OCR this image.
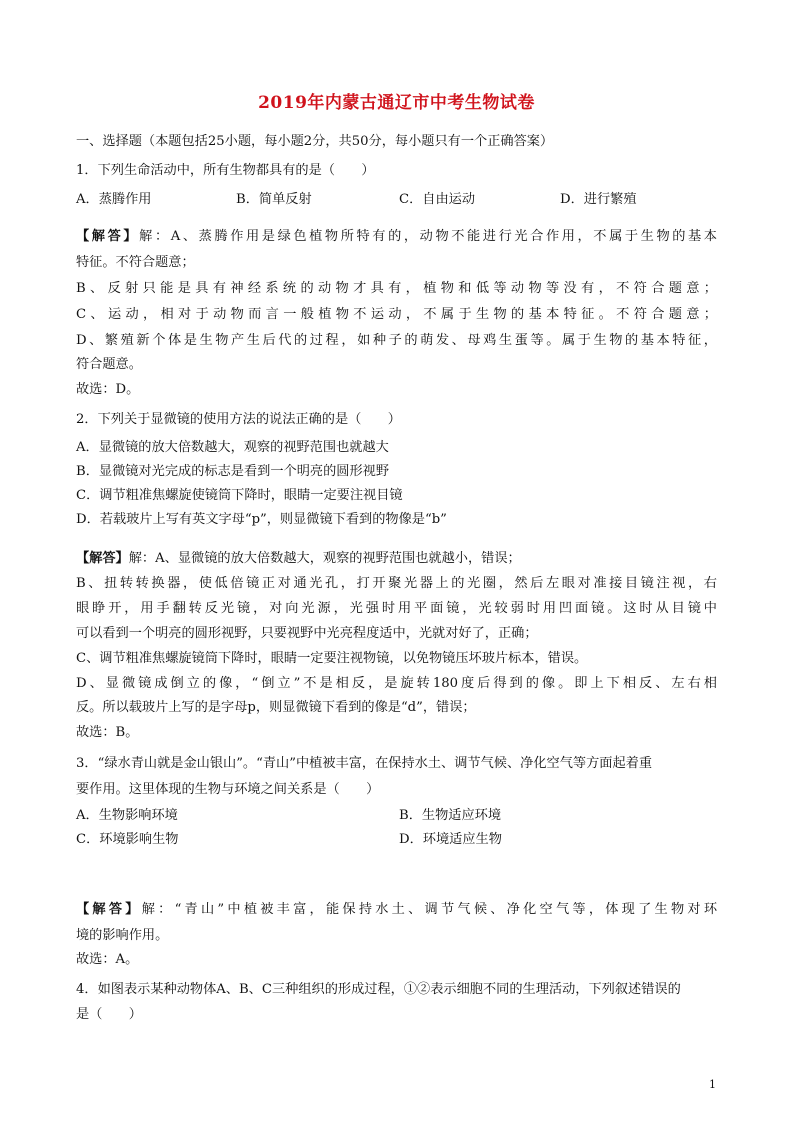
2019年内蒙古通辽市中考生物试卷
一、选择题（本题包括25小题，每小题2分，共50分，每小题只有一个正确答案）
1．下列生命活动中，所有生物都具有的是（　　）
A．蒸腾作用	B．简单反射	C．自由运动	D．进行繁殖
【解答】解：A、蒸腾作用是绿色植物所特有的，动物不能进行光合作用，不属于生物的基本
特征。不符合题意；
B、反射只能是具有神经系统的动物才具有，植物和低等动物等没有，不符合题意；
C、运动，相对于动物而言一般植物不运动，不属于生物的基本特征。不符合题意；
D、繁殖新个体是生物产生后代的过程，如种子的萌发、母鸡生蛋等。属于生物的基本特征，
符合题意。
故选：D。
2．下列关于显微镜的使用方法的说法正确的是（　　）
A．显微镜的放大倍数越大，观察的视野范围也就越大
B．显微镜对光完成的标志是看到一个明亮的圆形视野
C．调节粗准焦螺旋使镜筒下降时，眼睛一定要注视目镜
D．若载玻片上写有英文字母“p”，则显微镜下看到的物像是“b”
【解答】解：A、显微镜的放大倍数越大，观察的视野范围也就越小，错误；
B、扭转转换器，使低倍镜正对通光孔，打开聚光器上的光圈，然后左眼对准接目镜注视，右
眼睁开，用手翻转反光镜，对向光源，光强时用平面镜，光较弱时用凹面镜。这时从目镜中
可以看到一个明亮的圆形视野，只要视野中光亮程度适中，光就对好了，正确；
C、调节粗准焦螺旋镜筒下降时，眼睛一定要注视物镜，以免物镜压坏玻片标本，错误。
D、显微镜成倒立的像，“倒立”不是相反，是旋转180度后得到的像。即上下相反、左右相
反。所以载玻片上写的是字母p，则显微镜下看到的像是“d”，错误；
故选：B。
3．“绿水青山就是金山银山”。“青山”中植被丰富，在保持水土、调节气候、净化空气等方面起着重
要作用。这里体现的生物与环境之间关系是（　　）
A．生物影响环境	B．生物适应环境
C．环境影响生物	D．环境适应生物
【解答】解：“青山”中植被丰富，能保持水土、调节气候、净化空气等，体现了生物对环
境的影响作用。
故选：A。
4．如图表示某种动物体A、B、C三种组织的形成过程，①②表示细胞不同的生理活动，下列叙述错误的
是（　　）
1
